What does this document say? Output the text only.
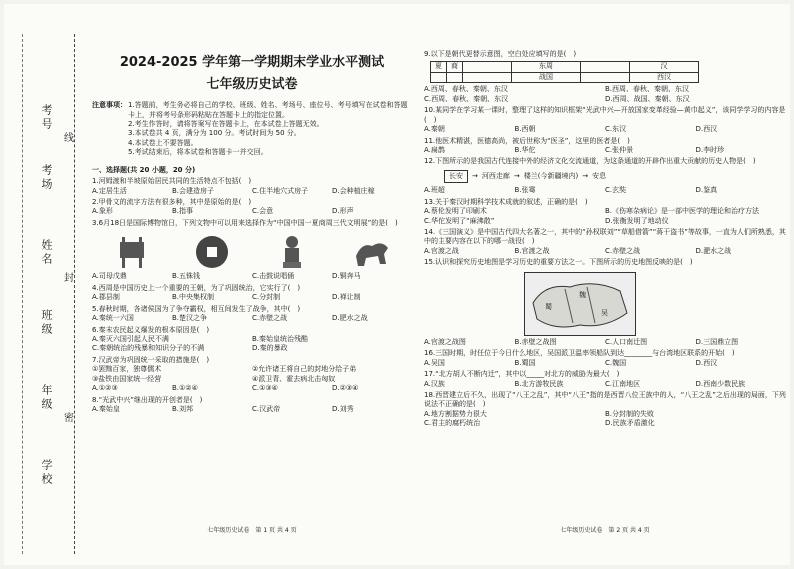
考号
考场
姓名
班级
年级
学校
线
封
密
2024-2025 学年第一学期期末学业水平测试
七年级历史试卷
注意事项： 1.答题前，考生务必将自己的学校、班级、姓名、考场号、座位号、考号填写在试卷和答题卡上，并将考号条形码粘贴在答题卡上的指定位置。
2.考生作答时，请将答案写在答题卡上，在本试卷上答题无效。
3.本试卷共 4 页，满分为 100 分。考试时间为 50 分。
4.本试卷上不要答题。
5.考试结束后，将本试卷和答题卡一并交回。
一、选择题(共 20 小题，20 分)
1.河姆渡和半坡原始居民共同的生活特点不包括(　)
A.定居生活	B.会建造房子	C.住半地穴式房子	D.会种植庄稼
2.甲骨文的流字方法有很多种，其中是原始的是(　)
A.象形	B.指事	C.会意	D.形声
3.6月18日是国际博物馆日，下列文物中可以用来选择作为“中国中国一夏商周三代文明展”的是(　)
A.司母戊鼎	B.五铢钱	C.击鼓说唱俑	D.铜奔马
4.西周是中国历史上一个重要的王朝，为了巩固统治，它实行了(　)
A.郡县制	B.中央集权制	C.分封制	D.禅让制
5.春秋时期，各诸侯国为了争夺霸权，相互间发生了战争，其中(　)
A.秦统一六国	B.楚汉之争	C.赤壁之战	D.肥水之战
6.秦末农民起义爆发的根本原因是(　)
A.秦灭六国引起人民不满	B.秦始皇统治残酷
C.秦朝统治的残暴和知识分子的不满	D.秦的暴政
7.汉武帝为巩固统一采取的措施是(　)
①罢黜百家，独尊儒术	②允许诸王将自己的封地分给子弟
③盐铁由国家统一经营	④派卫青、霍去病北击匈奴
A.①②③	B.①②④	C.①③④	D.②③④
8.“光武中兴”继出现的开创者是(　)
A.秦始皇	B.刘邦	C.汉武帝	D.刘秀
七年级历史试卷　第 1 页 共 4 页
9.以下是朝代更替示意图，空白处应填写的是(　)
夏	商		东周		汉
			战国		西汉
A.西周、春秋、秦朝、东汉	B.西周、春秋、秦朝、东汉
C.西周、春秋、秦朝、东汉	D.西周、战国、秦朝、东汉
10.某同学在学习某一课时，整理了这样的知识框架“光武中兴—开放国家变革经验—黄巾起义”，该同学学习的内容是(　)
A.秦朝	B.西朝	C.东汉	D.西汉
11.他医术精湛，医德高尚，被后世称为“医圣”，这里的医者是(　)
A.扁鹊	B.华佗	C.张仲景	D.李时珍
12.下图所示的是我国古代连接中外的经济文化交流通道，为这条通道的开辟作出重大贡献的历史人物是(　)
长安	→ 河西走廊 → 楼兰(今新疆境内) → 安息
A.班超	B.张骞	C.玄奘	D.鉴真
13.关于秦汉时期科学技术成就的叙述，正确的是(　)
A.蔡伦发明了印刷术	B.《伤寒杂病论》是一部中医学的理论和治疗方法
C.华佗发明了“麻沸散”	D.张衡发明了地动仪
14.《三国演义》是中国古代四大名著之一，其中的“孙权联刘”“草船借箭”“蒋干盗书”等故事，一直为人们所熟悉，其中的主要内容在以下的哪一战役(　)
A.官渡之战	B.官渡之战	C.赤壁之战	D.淝水之战
15.认识和探究历史地图是学习历史的重要方法之一。下图所示的历史地图反映的是(　)
蜀
吴
魏
A.官渡之战图	B.赤壁之战图	C.人口南迁图	D.三国鼎立图
16.三国时期，时任位于今日什么地区，吴国派卫温率领船队到达________与台湾地区联系的开始(　)
A.吴国	B.蜀国	C.魏国	D.西汉
17.“北方胡人不断内迁”，其中以_____对北方的威胁为最大(　)
A.汉族	B.北方游牧民族	C.江南地区	D.西南少数民族
18.西晋建立后不久，出现了“八王之乱”，其中“八王”指的是西晋八位王族中的人，“八王之乱”之后出现的局面，下列说法不正确的是(　)
A.地方割据势力很大	B.分封制的失败
C.君主的腐朽统治	D.民族矛盾激化
七年级历史试卷　第 2 页 共 4 页
